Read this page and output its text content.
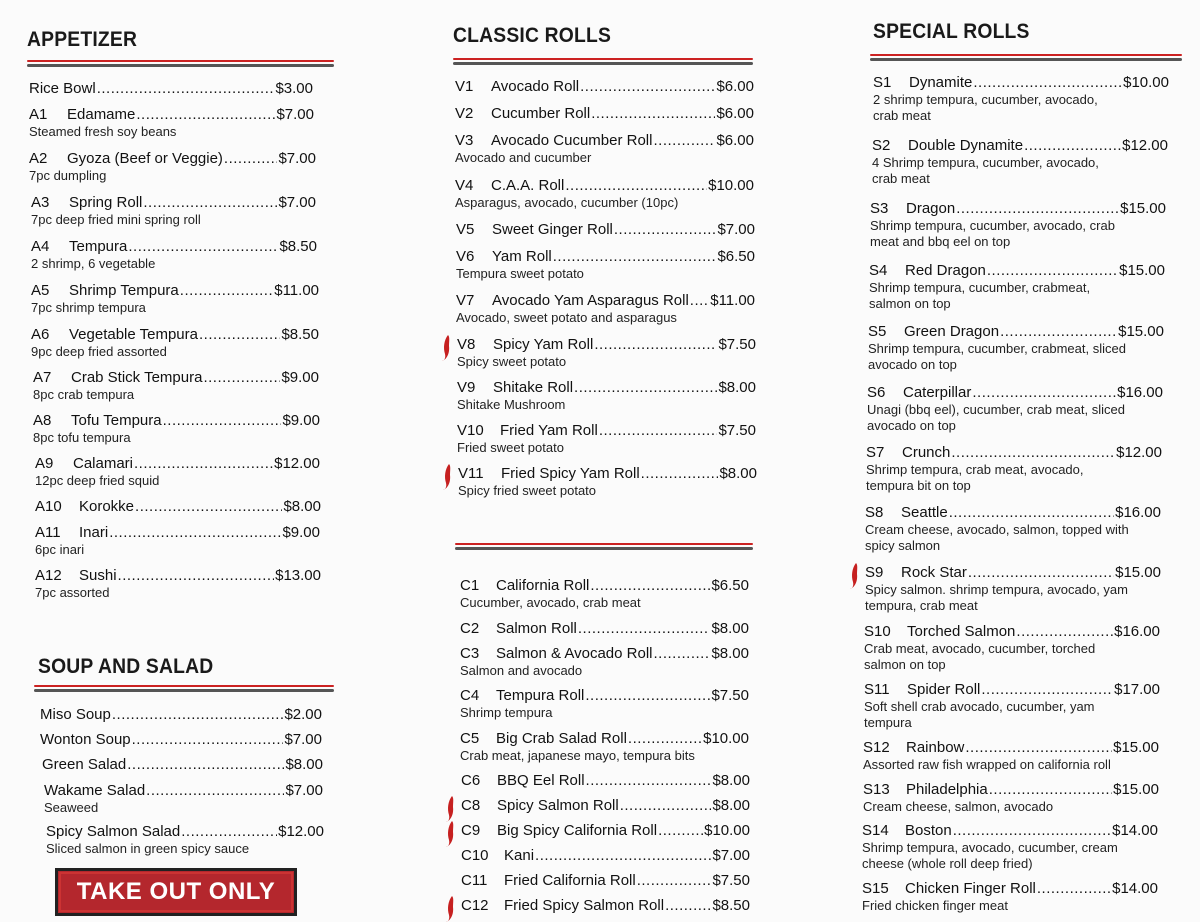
APPETIZER
Rice Bowl .....	$3.00
A1	Edamame .....	$7.00
Steamed fresh soy beans
A2	Gyoza (Beef or Veggie) .....	$7.00
7pc dumpling
A3	Spring Roll .....	$7.00
7pc deep fried mini spring roll
A4	Tempura .....	$8.50
2 shrimp, 6 vegetable
A5	Shrimp Tempura .....	$11.00
7pc shrimp tempura
A6	Vegetable Tempura .....	$8.50
9pc deep fried assorted
A7	Crab Stick Tempura .....	$9.00
8pc crab tempura
A8	Tofu Tempura .....	$9.00
8pc tofu tempura
A9	Calamari .....	$12.00
12pc deep fried squid
A10	Korokke .....	$8.00
A11	Inari .....	$9.00
6pc inari
A12	Sushi .....	$13.00
7pc assorted
SOUP AND SALAD
Miso Soup .....	$2.00
Wonton Soup .....	$7.00
Green Salad .....	$8.00
Wakame Salad .....	$7.00
Seaweed
Spicy Salmon Salad .....	$12.00
Sliced salmon in green spicy sauce
TAKE OUT ONLY
CLASSIC ROLLS
V1	Avocado Roll .....	$6.00
V2	Cucumber Roll .....	$6.00
V3	Avocado Cucumber Roll .....	$6.00
Avocado and cucumber
V4	C.A.A. Roll .....	$10.00
Asparagus, avocado, cucumber (10pc)
V5	Sweet Ginger Roll .....	$7.00
V6	Yam Roll .....	$6.50
Tempura sweet potato
V7	Avocado Yam Asparagus Roll ..... $11.00
Avocado, sweet potato and asparagus
V8	Spicy Yam Roll .....	$7.50
Spicy sweet potato
V9	Shitake Roll .....	$8.00
Shitake Mushroom
V10	Fried Yam Roll .....	$7.50
Fried sweet potato
V11	Fried Spicy Yam Roll .....	$8.00
Spicy fried sweet potato
C1	California Roll .....	$6.50
Cucumber, avocado, crab meat
C2	Salmon Roll .....	$8.00
C3	Salmon & Avocado Roll .....	$8.00
Salmon and avocado
C4	Tempura Roll .....	$7.50
Shrimp tempura
C5	Big Crab Salad Roll .....	$10.00
Crab meat, japanese mayo, tempura bits
C6	BBQ Eel Roll .....	$8.00
C8	Spicy Salmon Roll .....	$8.00
C9	Big Spicy California Roll .....	$10.00
C10	Kani .....	$7.00
C11	Fried California Roll .....	$7.50
C12	Fried Spicy Salmon Roll .....	$8.50
SPECIAL ROLLS
S1	Dynamite .....	$10.00
2 shrimp tempura, cucumber, avocado,
crab meat
S2	Double Dynamite .....	$12.00
4 Shrimp tempura, cucumber, avocado,
crab meat
S3	Dragon .....	$15.00
Shrimp tempura, cucumber, avocado, crab
meat and bbq eel on top
S4	Red Dragon .....	$15.00
Shrimp tempura, cucumber, crabmeat,
salmon on top
S5	Green Dragon .....	$15.00
Shrimp tempura, cucumber, crabmeat, sliced
avocado on top
S6	Caterpillar .....	$16.00
Unagi (bbq eel), cucumber, crab meat, sliced
avocado on top
S7	Crunch .....	$12.00
Shrimp tempura, crab meat, avocado,
tempura bit on top
S8	Seattle .....	$16.00
Cream cheese, avocado, salmon, topped with
spicy salmon
S9	Rock Star .....	$15.00
Spicy salmon. shrimp tempura, avocado, yam
tempura, crab meat
S10	Torched Salmon .....	$16.00
Crab meat, avocado, cucumber, torched
salmon on top
S11	Spider Roll .....	$17.00
Soft shell crab avocado, cucumber, yam
tempura
S12	Rainbow .....	$15.00
Assorted raw fish wrapped on california roll
S13	Philadelphia .....	$15.00
Cream cheese, salmon, avocado
S14	Boston .....	$14.00
Shrimp tempura, avocado, cucumber, cream
cheese (whole roll deep fried)
S15	Chicken Finger Roll .....	$14.00
Fried chicken finger meat
